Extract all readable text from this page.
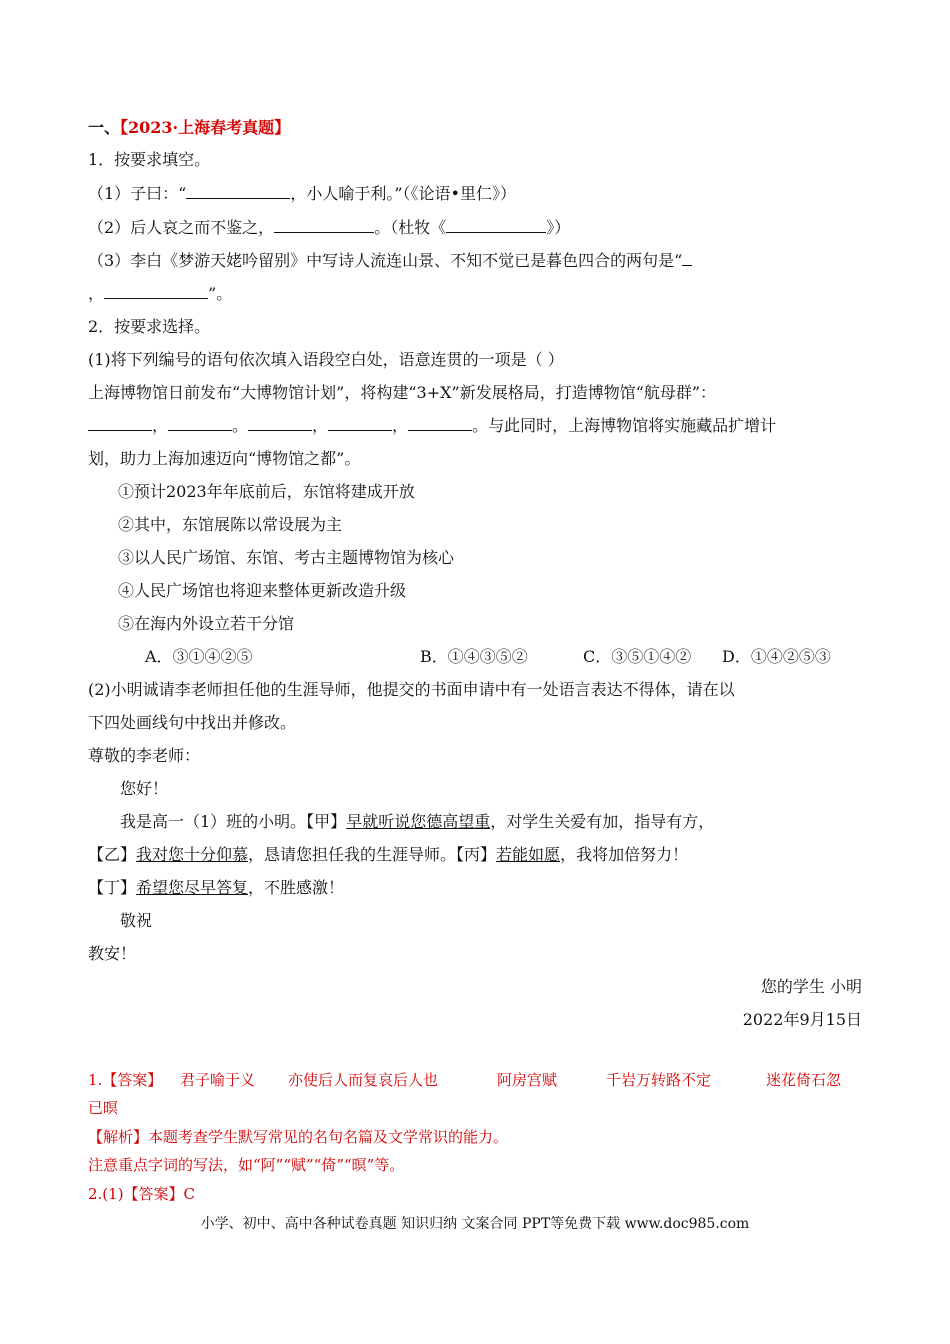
一、【2023·上海春考真题】
1．按要求填空。
（1）子曰：“	，小人喻于利。”（《论语•里仁》）
（2）后人哀之而不鉴之，	。（杜牧《	》）
（3）李白《梦游天姥吟留别》中写诗人流连山景、不知不觉已是暮色四合的两句是“
，	”。
2．按要求选择。
(1)将下列编号的语句依次填入语段空白处，语意连贯的一项是（ ）
上海博物馆日前发布“大博物馆计划”，将构建“3+X”新发展格局，打造博物馆“航母群”：
，	。	，	，	。与此同时，上海博物馆将实施藏品扩增计
划，助力上海加速迈向“博物馆之都”。
①预计2023年年底前后，东馆将建成开放
②其中，东馆展陈以常设展为主
③以人民广场馆、东馆、考古主题博物馆为核心
④人民广场馆也将迎来整体更新改造升级
⑤在海内外设立若干分馆
A．③①④②⑤	B．①④③⑤②	C．③⑤①④② D．①④②⑤③
(2)小明诚请李老师担任他的生涯导师，他提交的书面申请中有一处语言表达不得体，请在以
下四处画线句中找出并修改。
尊敬的李老师：
您好！
我是高一（1）班的小明。【甲】早就听说您德高望重，对学生关爱有加，指导有方，
【乙】我对您十分仰慕，恳请您担任我的生涯导师。【丙】若能如愿，我将加倍努力！
【丁】希望您尽早答复，不胜感激！
敬祝
教安！
您的学生 小明
2022年9月15日
1.【答案】 君子喻于义 亦使后人而复哀后人也	阿房宫赋	千岩万转路不定	迷花倚石忽
已暝
【解析】本题考查学生默写常见的名句名篇及文学常识的能力。
注意重点字词的写法，如“阿”“赋”“倚”“暝”等。
2.(1)【答案】C
小学、初中、高中各种试卷真题 知识归纳 文案合同 PPT等免费下载 www.doc985.com
